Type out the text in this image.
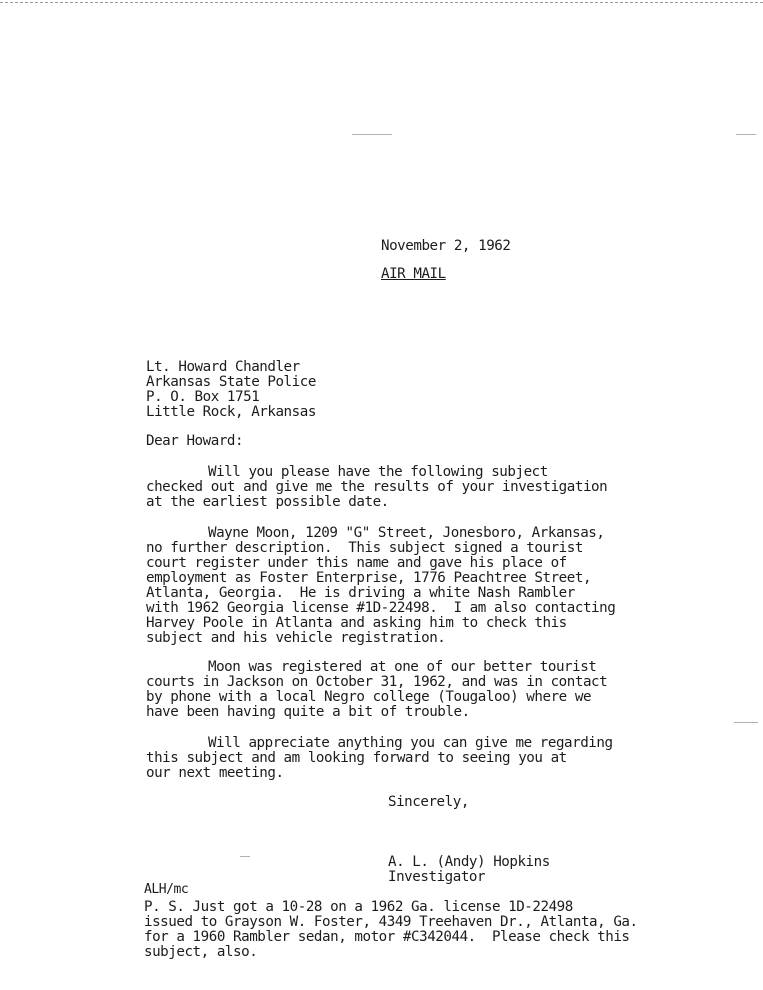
November 2, 1962
AIR MAIL
Lt. Howard Chandler
Arkansas State Police
P. O. Box 1751
Little Rock, Arkansas
Dear Howard:
Will you please have the following subject
checked out and give me the results of your investigation
at the earliest possible date.
Wayne Moon, 1209 "G" Street, Jonesboro, Arkansas,
no further description.  This subject signed a tourist
court register under this name and gave his place of
employment as Foster Enterprise, 1776 Peachtree Street,
Atlanta, Georgia.  He is driving a white Nash Rambler
with 1962 Georgia license #1D-22498.  I am also contacting
Harvey Poole in Atlanta and asking him to check this
subject and his vehicle registration.
Moon was registered at one of our better tourist
courts in Jackson on October 31, 1962, and was in contact
by phone with a local Negro college (Tougaloo) where we
have been having quite a bit of trouble.
Will appreciate anything you can give me regarding
this subject and am looking forward to seeing you at
our next meeting.
Sincerely,
A. L. (Andy) Hopkins
Investigator
ALH/mc
P. S. Just got a 10-28 on a 1962 Ga. license 1D-22498
issued to Grayson W. Foster, 4349 Treehaven Dr., Atlanta, Ga.
for a 1960 Rambler sedan, motor #C342044.  Please check this
subject, also.
